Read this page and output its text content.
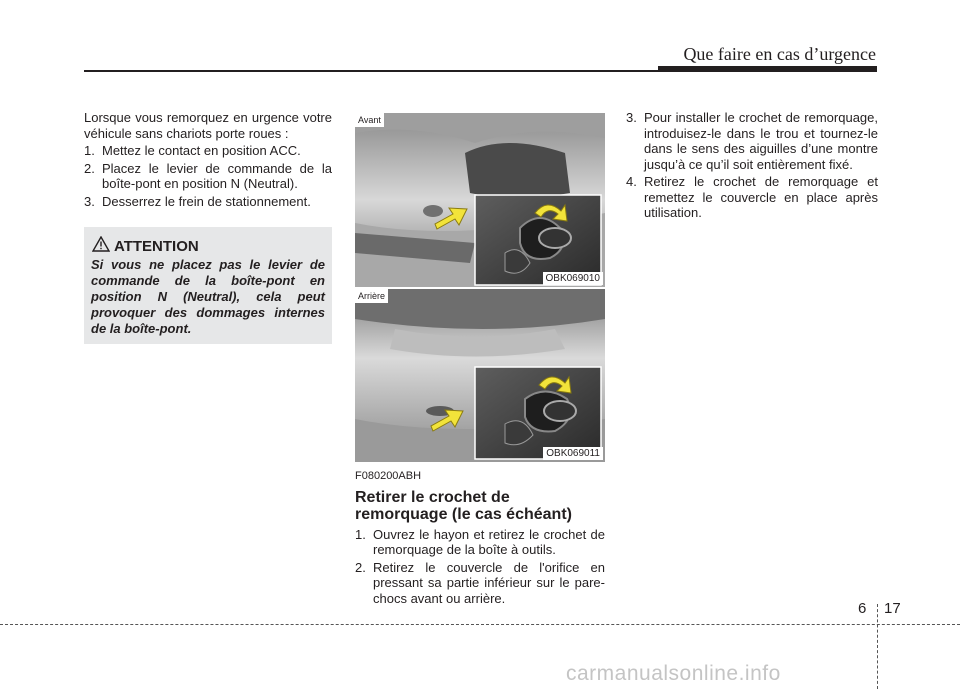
Que faire en cas d’urgence

Lorsque vous remorquez en urgence votre véhicule sans chariots porte roues :

1. Mettez le contact en position ACC.
2. Placez le levier de commande de la boîte-pont en position N (Neutral).
3. Desserrez le frein de stationnement.
ATTENTION
Si vous ne placez pas le levier de commande de la boîte-pont en position N (Neutral), cela peut provoquer des dommages internes de la boîte-pont.
Avant
OBK069010
Arrière
OBK069011
F080200ABH
Retirer le crochet de remorquage (le cas échéant)
1. Ouvrez le hayon et retirez le crochet de remorquage de la boîte à outils.
2. Retirez le couvercle de l'orifice en pressant sa partie inférieur sur le pare-chocs avant ou arrière.
3. Pour installer le crochet de remorquage, introduisez-le dans le trou et tournez-le dans le sens des aiguilles d’une montre jusqu’à ce qu’il soit entièrement fixé.
4. Retirez le crochet de remorquage et remettez le couvercle en place après utilisation.
6 17
carmanualsonline.info
